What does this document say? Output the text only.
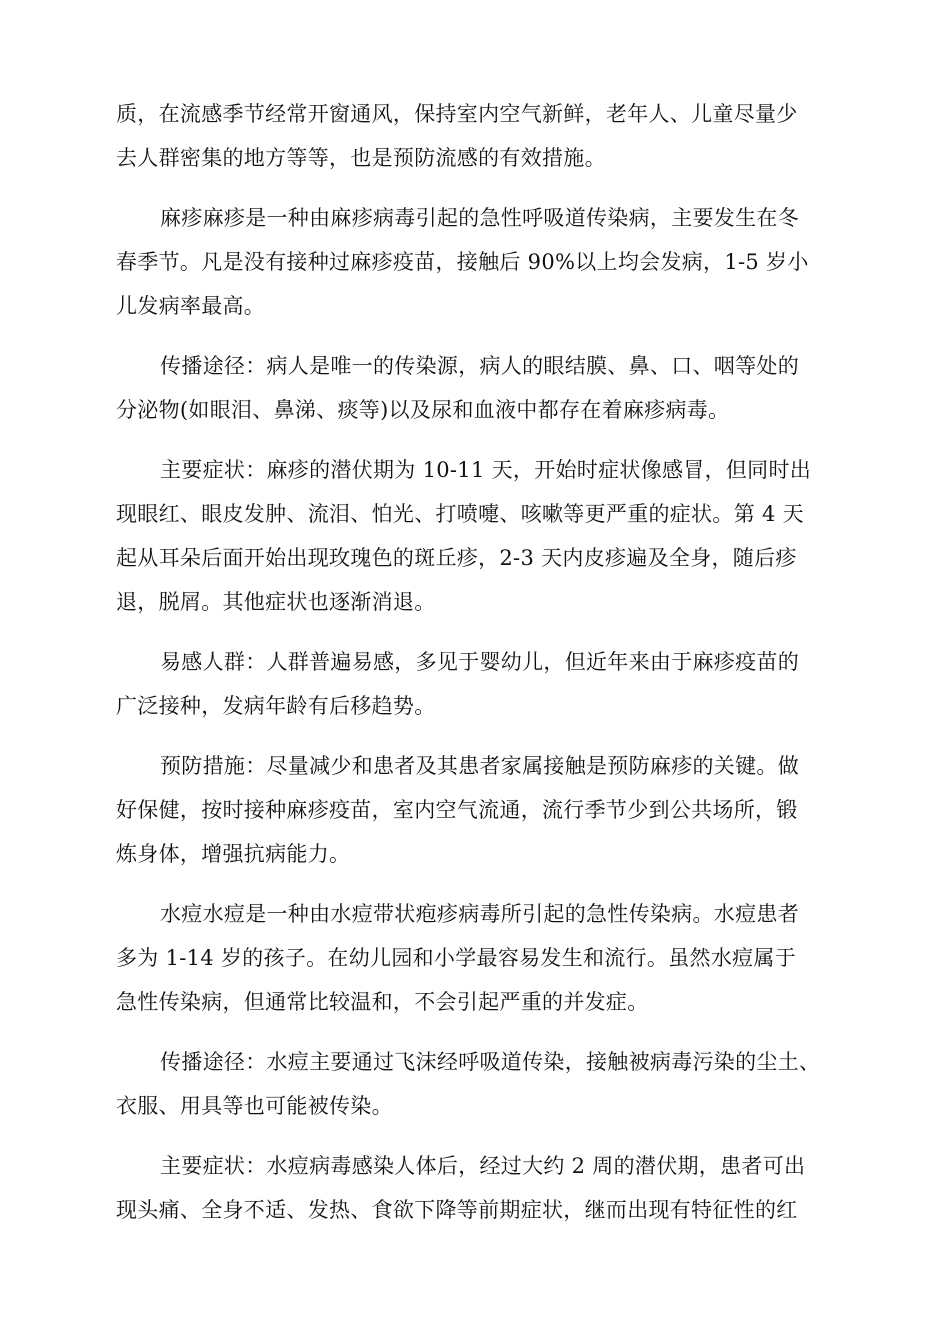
质，在流感季节经常开窗通风，保持室内空气新鲜，老年人、儿童尽量少
去人群密集的地方等等，也是预防流感的有效措施。
麻疹麻疹是一种由麻疹病毒引起的急性呼吸道传染病，主要发生在冬
春季节。凡是没有接种过麻疹疫苗，接触后 90%以上均会发病，1-5 岁小
儿发病率最高。
传播途径：病人是唯一的传染源，病人的眼结膜、鼻、口、咽等处的
分泌物(如眼泪、鼻涕、痰等)以及尿和血液中都存在着麻疹病毒。
主要症状：麻疹的潜伏期为 10-11 天，开始时症状像感冒，但同时出
现眼红、眼皮发肿、流泪、怕光、打喷嚏、咳嗽等更严重的症状。第 4 天
起从耳朵后面开始出现玫瑰色的斑丘疹，2-3 天内皮疹遍及全身，随后疹
退，脱屑。其他症状也逐渐消退。
易感人群：人群普遍易感，多见于婴幼儿，但近年来由于麻疹疫苗的
广泛接种，发病年龄有后移趋势。
预防措施：尽量减少和患者及其患者家属接触是预防麻疹的关键。做
好保健，按时接种麻疹疫苗，室内空气流通，流行季节少到公共场所，锻
炼身体，增强抗病能力。
水痘水痘是一种由水痘带状疱疹病毒所引起的急性传染病。水痘患者
多为 1-14 岁的孩子。在幼儿园和小学最容易发生和流行。虽然水痘属于
急性传染病，但通常比较温和，不会引起严重的并发症。
传播途径：水痘主要通过飞沫经呼吸道传染，接触被病毒污染的尘土、
衣服、用具等也可能被传染。
主要症状：水痘病毒感染人体后，经过大约 2 周的潜伏期，患者可出
现头痛、全身不适、发热、食欲下降等前期症状，继而出现有特征性的红
